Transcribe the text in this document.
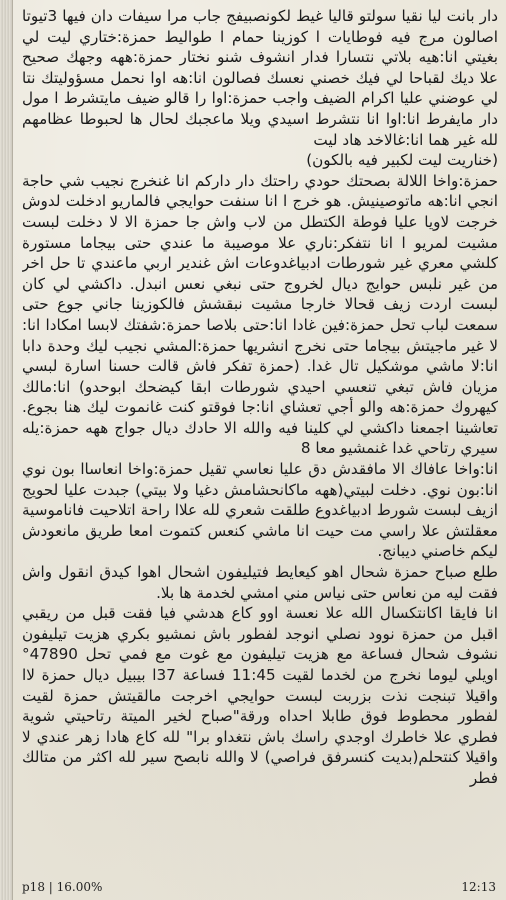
دار بانت ليا نقيا سولتو قاليا غيط لكونصبيفج جاب مرا سيفات دان فيها 3تيوتا اصالون مرج فيه فوطايات ا كوزينا حمام ا طواليط حمزة:ختاري ليت لي بغيتي انا:هيه بلاتي نتسارا فدار انشوف شنو نختار حمزة:ههه وجهك صحيح علا ديك لقباحا لي فيك خصني نعسك فصالون انا:هه اوا نحمل مسؤوليتك نتا لي عوضني عليا اكرام الضيف واجب حمزة:اوا را قالو ضيف مايتشرط ا مول دار مايفرط انا:اوا انا نتشرط اسيدي ويلا ماعجبك لحال ها لحبوطا عظامهم لله غير هما انا:غالاخد هاد ليت

(خناريت ليت لكبير فيه بالكون)

حمزة:واخا اللالة بصحتك حودي راحتك دار داركم انا غنخرج نجيب شي حاجة انجي انا:هه ماتوصينيش. هو خرج ا انا سنفت حوايجي فالماريو ادخلت لدوش خرجت لاويا عليا فوطة الكتطل من لاب واش جا حمزة الا لا دخلت لبست مشيت لمريو ا انا نتفكر:ناري علا موصيبة ما عندي حتى بيجاما مستورة كلشي معري غير شورطات ادبياغدوعات اش غندير اربي ماعندي تا حل اخر من غير نلبس حوايج ديال لخروج حتى نبغي نعس انبدل. داكشي لي كان لبست اردت زيف قحالا خارجا مشيت نبقشش فالكوزينا جاني جوع حتى سمعت لباب تحل حمزة:فين غادا انا:حتى بلاصا حمزة:شفتك لابسا امكادا انا: لا غير ماجيتش بيجاما حتى نخرج انشريها حمزة:المشي نجيب ليك وحدة دابا انا:لا ماشي موشكيل تال غدا. (حمزة تفكر فاش قالت حسنا اسارة لبسي مزيان فاش تبغي تنعسي احيدي شورطات ابقا كيضحك ابوحدو) انا:مالك كيهروك حمزة:هه والو أجي تعشاي انا:جا فوقتو كنت غانموت ليك هنا بجوع. تعاشينا اجمعنا داكشي لي كلينا فيه والله الا حادك ديال جواج ههه حمزة:يله سيري رتاحي غدا غنمشيو معا 8

انا:واخا عافاك الا مافقدش دق عليا نعاسي تقيل حمزة:واخا انعاساا بون نوي انا:بون نوي. دخلت لبيتي(ههه ماكانحشامش دغيا ولا بيتي) جبدت عليا لحويج ازيف لبست شورط ادبياغدوع طلقت شعري لله علاا راحة اتلاحيت فاناموسية معقلتش علا راسي مت حيت انا ماشي كنعس كتموت امعا طريق مانعودش ليكم خاصني ديبانج.

طلع صباح حمزة شحال اهو كيعايط فتيليفون اشحال اهوا كيدق انقول واش فقت ليه من نعاس حتى نياس مني امشي لخدمة ها بلا.

انا فايقا اكانتكسال الله علا نعسة اوو كاع هدشي فيا فقت قبل من ريقبي اقبل من حمزة نوود نصلي انوجد لفطور باش نمشيو بكري هزيت تيليفون نشوف شحال فساعة مع هزيت تيليفون مع غوت مع فمي تحل 47890° اويلي ليوما نخرج من لخدما لقيت 11:45 فساعة 37ا بيبيل ديال حمزة لاا واقيلا تبنجت نذت بزربت لبست حوايجي اخرجت مالقيتش حمزة لقيت لفطور محطوط فوق طابلا احداه ورقة"صباح لخير الميتة رتاحيتي شوية فطري علا خاطرك اوجدي راسك باش نتغداو برا" لله كاع هادا زهر عندي لا واقيلا كنتحلم(بديت كنسرفق فراصي) لا والله نابصح سير لله اكثر من متالك فطر

p18 | 16.00%	12:13
